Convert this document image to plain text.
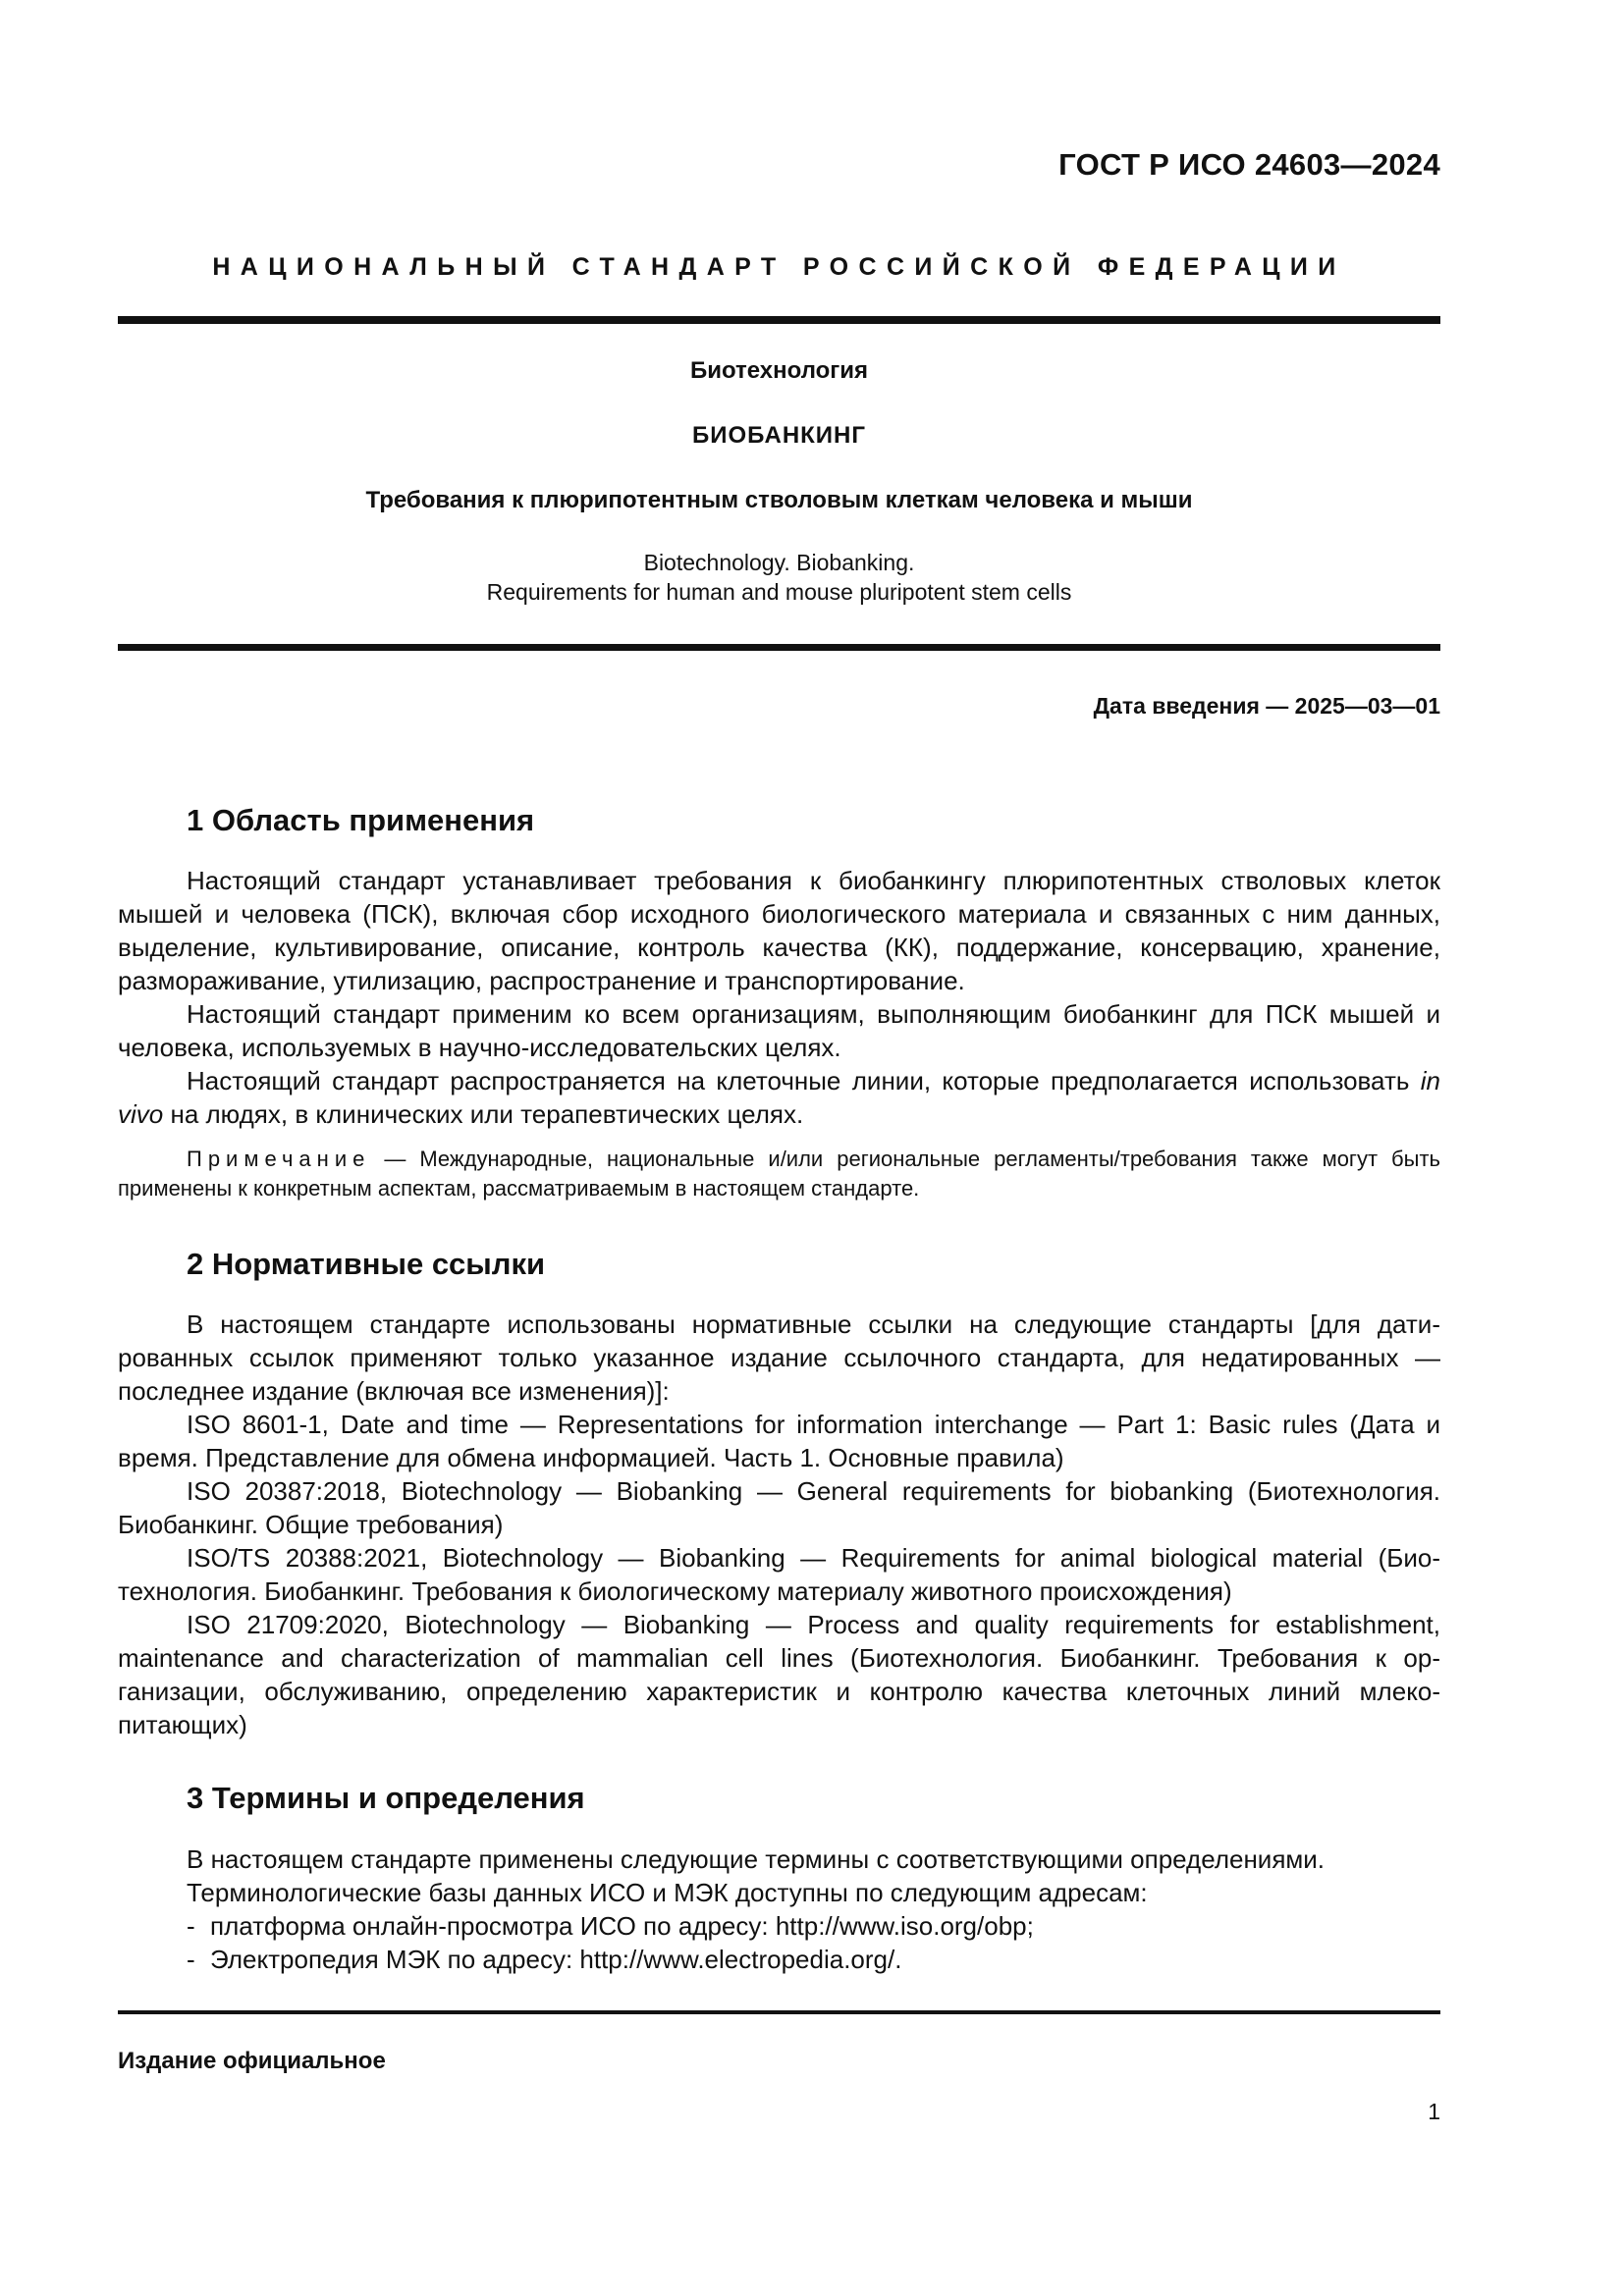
ГОСТ Р ИСО 24603—2024
НАЦИОНАЛЬНЫЙ СТАНДАРТ РОССИЙСКОЙ ФЕДЕРАЦИИ
Биотехнология
БИОБАНКИНГ
Требования к плюрипотентным стволовым клеткам человека и мыши
Biotechnology. Biobanking.
Requirements for human and mouse pluripotent stem cells
Дата введения — 2025—03—01
1 Область применения

Настоящий стандарт устанавливает требования к биобанкингу плюрипотентных стволовых клеток мышей и человека (ПСК), включая сбор исходного биологического материала и связанных с ним данных, выделение, культивирование, описание, контроль качества (КК), поддержание, консервацию, хранение, размораживание, утилизацию, распространение и транспортирование.

Настоящий стандарт применим ко всем организациям, выполняющим биобанкинг для ПСК мышей и человека, используемых в научно-исследовательских целях.

Настоящий стандарт распространяется на клеточные линии, которые предполагается использовать in vivo на людях, в клинических или терапевтических целях.

Примечание — Международные, национальные и/или региональные регламенты/требования также могут быть применены к конкретным аспектам, рассматриваемым в настоящем стандарте.
2 Нормативные ссылки

В настоящем стандарте использованы нормативные ссылки на следующие стандарты [для датированных ссылок применяют только указанное издание ссылочного стандарта, для недатированных — последнее издание (включая все изменения)]:

ISO 8601-1, Date and time — Representations for information interchange — Part 1: Basic rules (Дата и время. Представление для обмена информацией. Часть 1. Основные правила)

ISO 20387:2018, Biotechnology — Biobanking — General requirements for biobanking (Биотехнология. Биобанкинг. Общие требования)

ISO/TS 20388:2021, Biotechnology — Biobanking — Requirements for animal biological material (Биотехнология. Биобанкинг. Требования к биологическому материалу животного происхождения)

ISO 21709:2020, Biotechnology — Biobanking — Process and quality requirements for establishment, maintenance and characterization of mammalian cell lines (Биотехнология. Биобанкинг. Требования к организации, обслуживанию, определению характеристик и контролю качества клеточных линий млекопитающих)

3 Термины и определения
В настоящем стандарте применены следующие термины с соответствующими определениями.
Терминологические базы данных ИСО и МЭК доступны по следующим адресам:
- платформа онлайн-просмотра ИСО по адресу: http://www.iso.org/obp;
- Электропедия МЭК по адресу: http://www.electropedia.org/.
Издание официальное
1
